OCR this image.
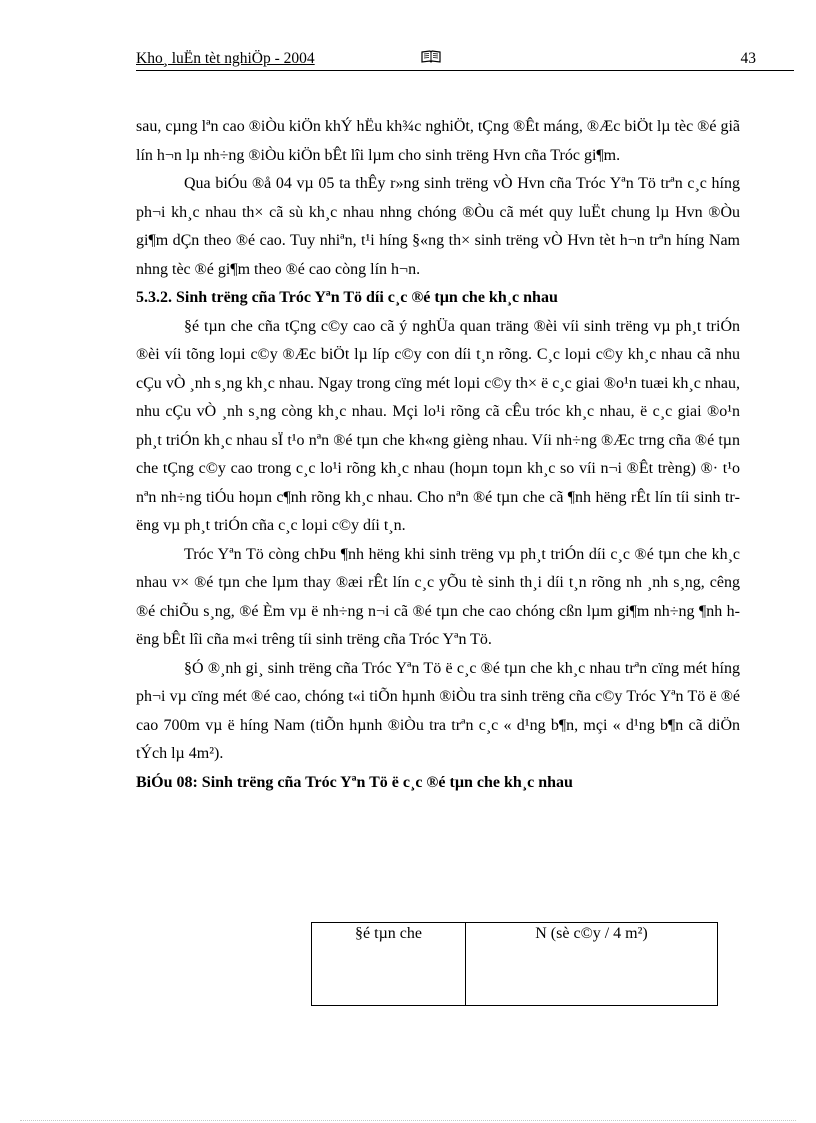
Kho¸ luËn tèt nghiÖp - 2004	43

sau, cµng lªn cao ®iÒu kiÖn khÝ hËu kh¾c nghiÖt, tÇng ®Êt máng, ®Æc biÖt lµ tèc ®é giã lín h¬n lµ nh÷ng ®iÒu kiÖn bÊt lîi lµm cho sinh trëng Hvn cña Tróc gi¶m.

Qua biÓu ®å 04 vµ 05 ta thÊy r»ng sinh trëng vÒ Hvn cña Tróc Yªn Tö trªn c¸c híng ph¬i kh¸c nhau th× cã sù kh¸c nhau nhng chóng ®Òu cã mét quy luËt chung lµ Hvn ®Òu gi¶m dÇn theo ®é cao. Tuy nhiªn, t¹i híng §«ng th× sinh trëng vÒ Hvn tèt h¬n trªn híng Nam nhng tèc ®é gi¶m theo ®é cao còng lín h¬n.

5.3.2. Sinh trëng cña Tróc Yªn Tö díi c¸c ®é tµn che kh¸c nhau

§é tµn che cña tÇng c©y cao cã ý nghÜa quan träng ®èi víi sinh trëng vµ ph¸t triÓn ®èi víi tõng loµi c©y ®Æc biÖt lµ líp c©y con díi t¸n rõng. C¸c loµi c©y kh¸c nhau cã nhu cÇu vÒ ¸nh s¸ng kh¸c nhau. Ngay trong cïng mét loµi c©y th× ë c¸c giai ®o¹n tuæi kh¸c nhau, nhu cÇu vÒ ¸nh s¸ng còng kh¸c nhau. Mçi lo¹i rõng cã cÊu tróc kh¸c nhau, ë c¸c giai ®o¹n ph¸t triÓn kh¸c nhau sÏ t¹o nªn ®é tµn che kh«ng gièng nhau. Víi nh÷ng ®Æc trng cña ®é tµn che tÇng c©y cao trong c¸c lo¹i rõng kh¸c nhau (hoµn toµn kh¸c so víi n¬i ®Êt trèng) ®· t¹o nªn nh÷ng tiÓu hoµn c¶nh rõng kh¸c nhau. Cho nªn ®é tµn che cã ¶nh hëng rÊt lín tíi sinh trëng vµ ph¸t triÓn cña c¸c loµi c©y díi t¸n.

Tróc Yªn Tö còng chÞu ¶nh hëng khi sinh trëng vµ ph¸t triÓn díi c¸c ®é tµn che kh¸c nhau v× ®é tµn che lµm thay ®æi rÊt lín c¸c yÕu tè sinh th¸i díi t¸n rõng nh ¸nh s¸ng, cêng ®é chiÕu s¸ng, ®é Èm vµ ë nh÷ng n¬i cã ®é tµn che cao chóng cßn lµm gi¶m nh÷ng ¶nh hëng bÊt lîi cña m«i trêng tíi sinh trëng cña Tróc Yªn Tö.

§Ó ®¸nh gi¸ sinh trëng cña Tróc Yªn Tö ë c¸c ®é tµn che kh¸c nhau trªn cïng mét híng ph¬i vµ cïng mét ®é cao, chóng t«i tiÕn hµnh ®iÒu tra sinh trëng cña c©y Tróc Yªn Tö ë ®é cao 700m vµ ë híng Nam (tiÕn hµnh ®iÒu tra trªn c¸c « d¹ng b¶n, mçi « d¹ng b¶n cã diÖn tÝch lµ 4m²).

BiÓu 08: Sinh trëng cña Tróc Yªn Tö ë c¸c ®é tµn che kh¸c nhau

§é tµn che	N (sè c©y / 4 m²)
